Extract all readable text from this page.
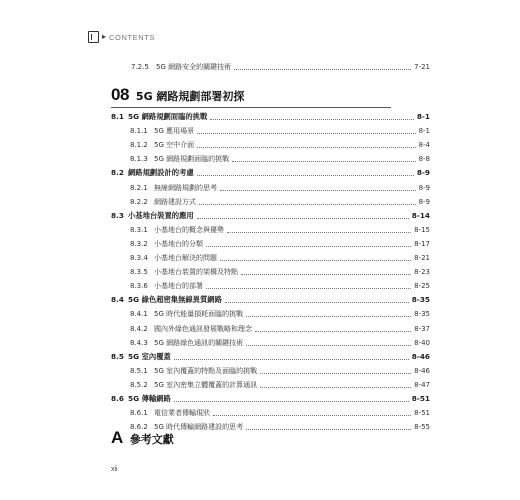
▸ CONTENTS
7.2.5 5G 網路安全的關鍵技術	7-21
08 5G 網路規劃部署初探
8.1 5G 網路規劃面臨的挑戰	8-1
8.1.1 5G 應用場景	8-1
8.1.2 5G 空中介面	8-4
8.1.3 5G 網路規劃面臨的挑戰	8-8
8.2 網路規劃設計的考慮	8-9
8.2.1 無線網路規劃的思考	8-9
8.2.2 網路建設方式	8-9
8.3 小基地台裝置的應用	8-14
8.3.1 小基地台的概念與優勢	8-15
8.3.2 小基地台的分類	8-17
8.3.4 小基地台解決的問題	8-21
8.3.5 小基地台裝置的架構及特點	8-23
8.3.6 小基地台的部署	8-25
8.4 5G 綠色超密集無線異質網路	8-35
8.4.1 5G 時代能量損耗面臨的挑戰	8-35
8.4.2 國內外綠色通訊發展戰略和理念	8-37
8.4.3 5G 網路綠色通訊的關鍵技術	8-40
8.5 5G 室內覆蓋	8-46
8.5.1 5G 室內覆蓋的特點及面臨的挑戰	8-46
8.5.2 5G 室內密集立體覆蓋的計算通訊	8-47
8.6 5G 傳輸網路	8-51
8.6.1 電信業者傳輸現狀	8-51
8.6.2 5G 時代傳輸網路建設的思考	8-55
A 參考文獻
xii
